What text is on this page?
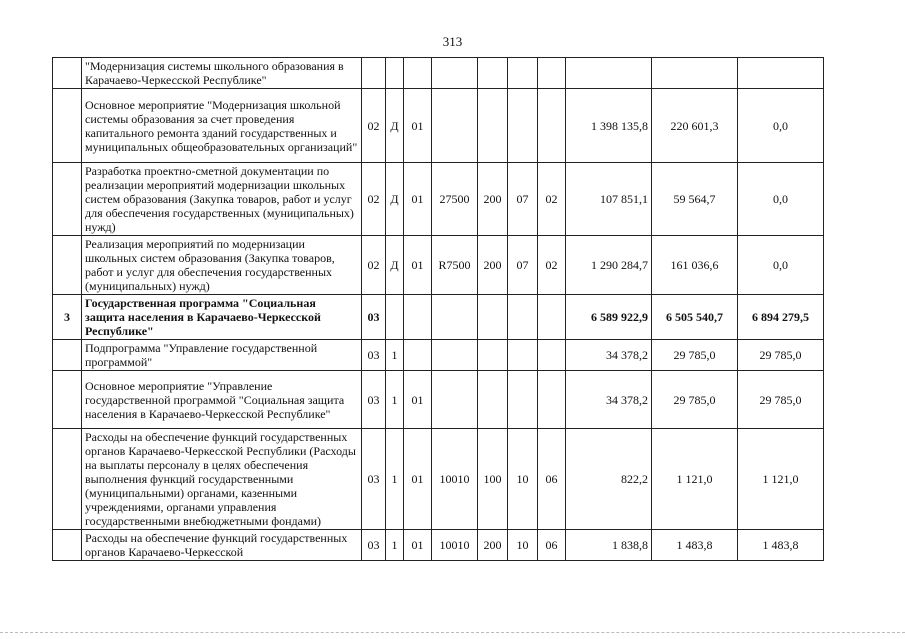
313
	"Модернизация системы школьного образования в Карачаево-Черкесской Республике"										
	Основное мероприятие "Модернизация школьной системы образования за счет проведения капитального ремонта зданий государственных и муниципальных общеобразовательных организаций"	02	Д	01					1 398 135,8	220 601,3	0,0
	Разработка проектно-сметной документации по реализации мероприятий модернизации школьных систем образования (Закупка товаров, работ и услуг для обеспечения государственных (муниципальных) нужд)	02	Д	01	27500	200	07	02	107 851,1	59 564,7	0,0
	Реализация мероприятий по модернизации школьных систем образования (Закупка товаров, работ и услуг для обеспечения государственных (муниципальных) нужд)	02	Д	01	R7500	200	07	02	1 290 284,7	161 036,6	0,0
3	Государственная программа "Социальная защита населения в Карачаево-Черкесской Республике"	03							6 589 922,9	6 505 540,7	6 894 279,5
	Подпрограмма "Управление государственной программой"	03	1						34 378,2	29 785,0	29 785,0
	Основное мероприятие "Управление государственной программой "Социальная защита населения в Карачаево-Черкесской Республике"	03	1	01					34 378,2	29 785,0	29 785,0
	Расходы на обеспечение функций государственных органов Карачаево-Черкесской Республики (Расходы на выплаты персоналу в целях обеспечения выполнения функций государственными (муниципальными) органами, казенными учреждениями, органами управления государственными внебюджетными фондами)	03	1	01	10010	100	10	06	822,2	1 121,0	1 121,0
	Расходы на обеспечение функций государственных органов Карачаево-Черкесской	03	1	01	10010	200	10	06	1 838,8	1 483,8	1 483,8
